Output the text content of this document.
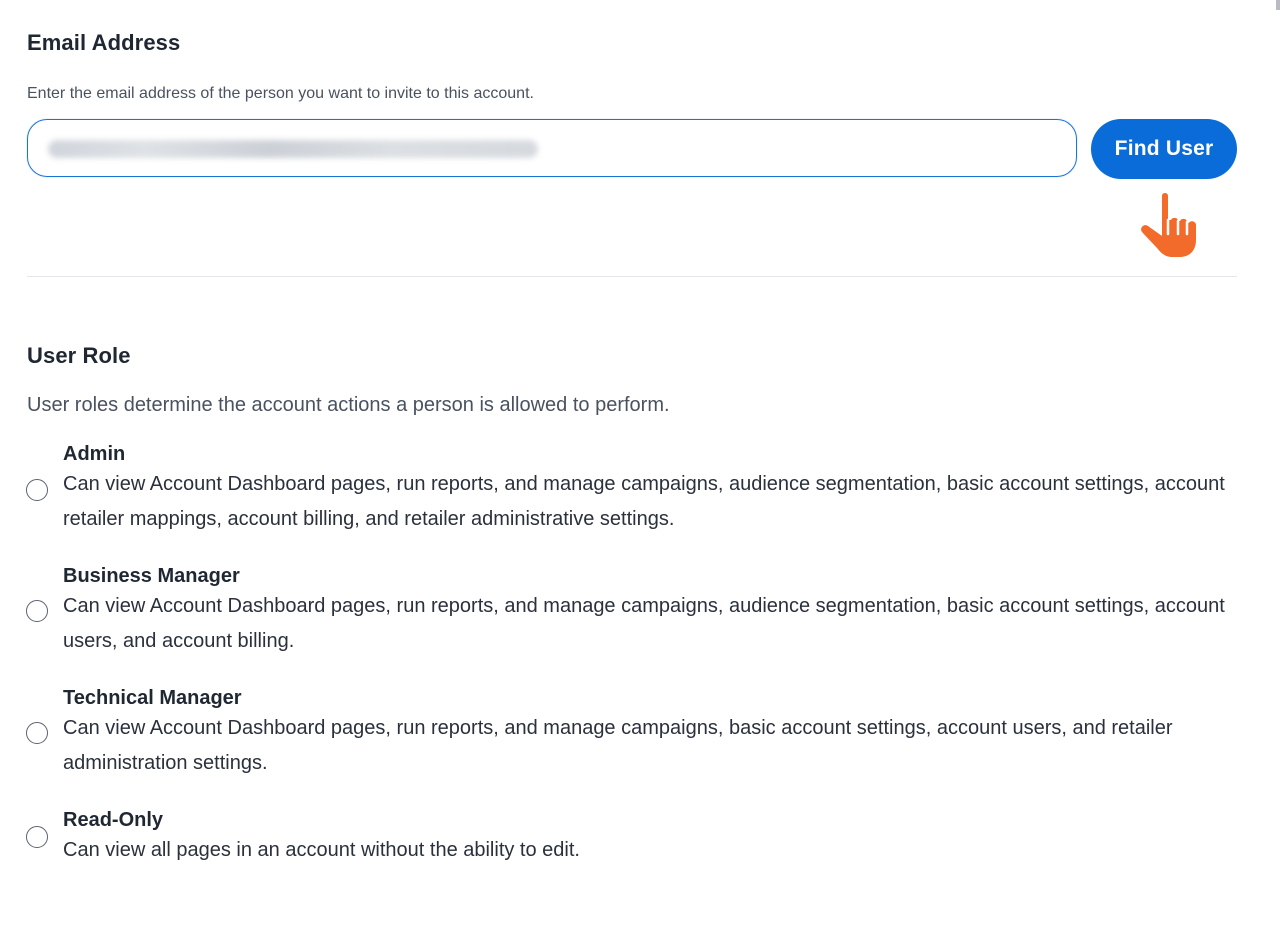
Email Address
Enter the email address of the person you want to invite to this account.
Find User
User Role
User roles determine the account actions a person is allowed to perform.
Admin
Can view Account Dashboard pages, run reports, and manage campaigns, audience segmentation, basic account settings, account retailer mappings, account billing, and retailer administrative settings.
Business Manager
Can view Account Dashboard pages, run reports, and manage campaigns, audience segmentation, basic account settings, account users, and account billing.
Technical Manager
Can view Account Dashboard pages, run reports, and manage campaigns, basic account settings, account users, and retailer administration settings.
Read-Only
Can view all pages in an account without the ability to edit.
